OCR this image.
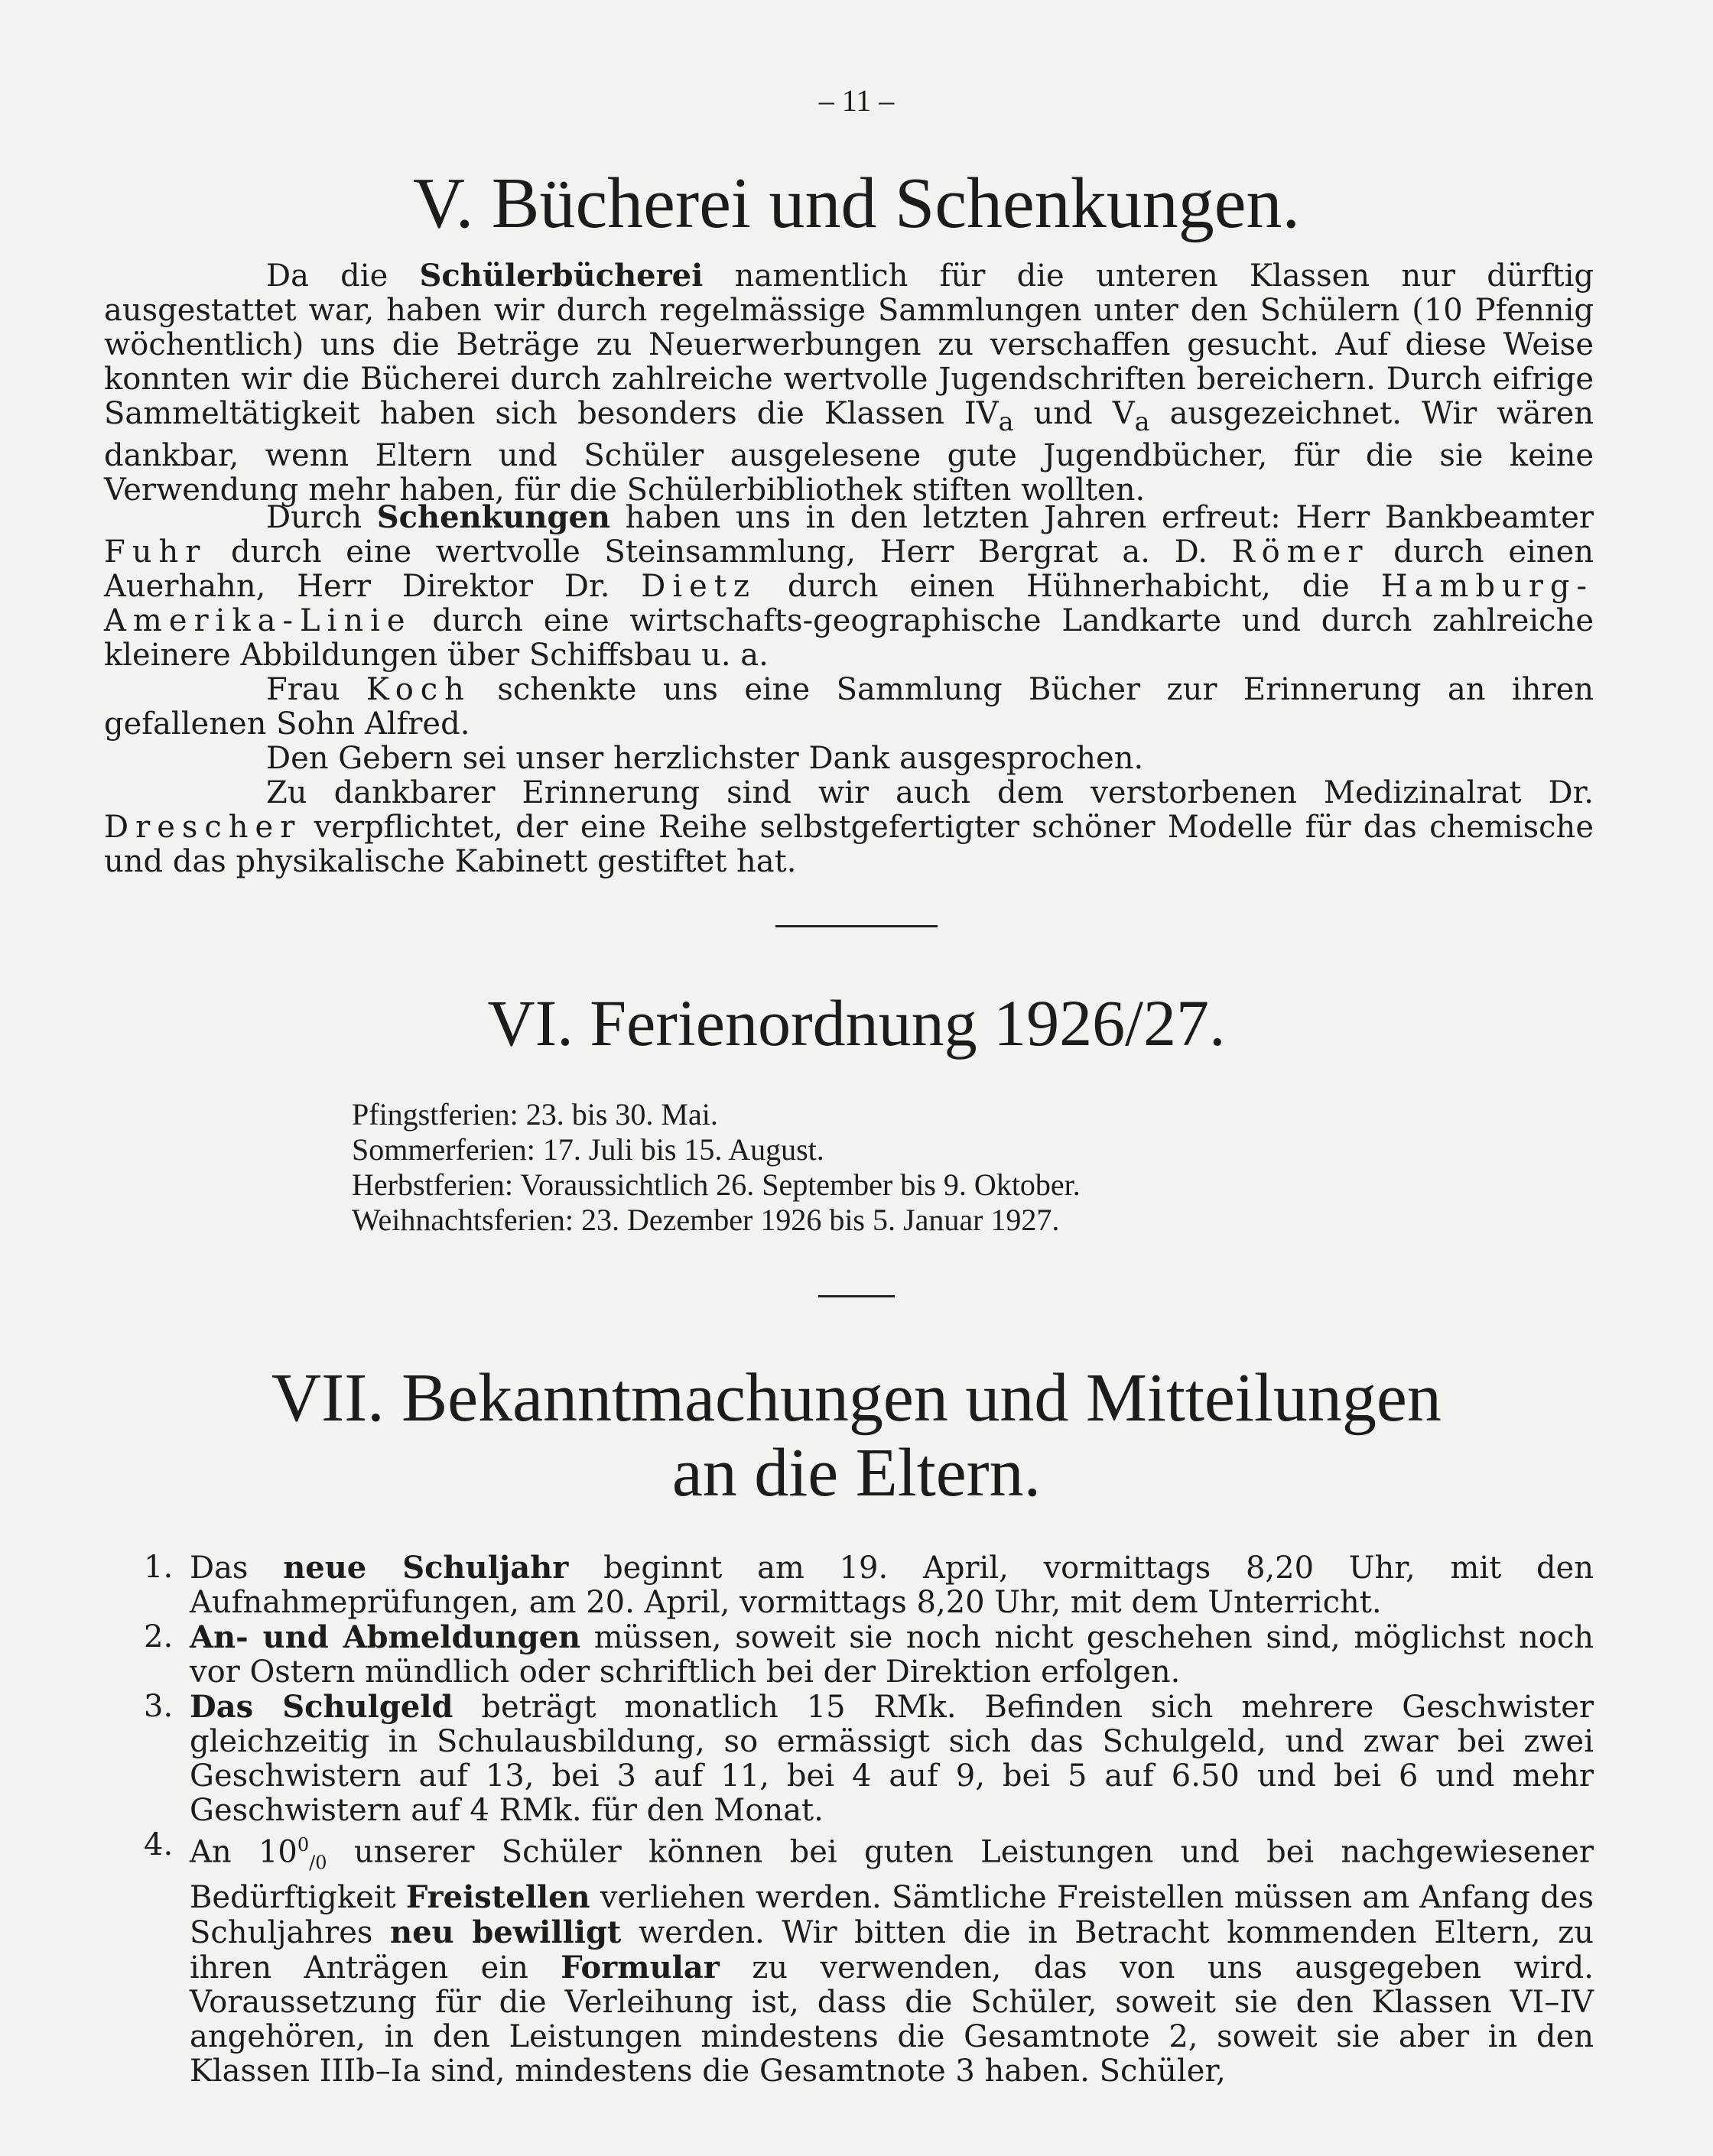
– 11 –
V. Bücherei und Schenkungen.

Da die Schülerbücherei namentlich für die unteren Klassen nur dürftig ausgestattet war, haben wir durch regelmässige Sammlungen unter den Schülern (10 Pfennig wöchentlich) uns die Beträge zu Neuerwerbungen zu verschaffen gesucht. Auf diese Weise konnten wir die Bücherei durch zahlreiche wertvolle Jugendschriften bereichern. Durch eifrige Sammeltätigkeit haben sich besonders die Klassen $IV_a$ und $V_a$ ausgezeichnet. Wir wären dankbar, wenn Eltern und Schüler ausgelesene gute Jugendbücher, für die sie keine Verwendung mehr haben, für die Schülerbibliothek stiften wollten.

Durch Schenkungen haben uns in den letzten Jahren erfreut: Herr Bankbeamter Fuhr durch eine wertvolle Steinsammlung, Herr Bergrat a. D. Römer durch einen Auerhahn, Herr Direktor Dr. Dietz durch einen Hühnerhabicht, die Hamburg-Amerika-Linie durch eine wirtschafts-geographische Landkarte und durch zahlreiche kleinere Abbildungen über Schiffsbau u. a.

Frau Koch schenkte uns eine Sammlung Bücher zur Erinnerung an ihren gefallenen Sohn Alfred.

Den Gebern sei unser herzlichster Dank ausgesprochen.

Zu dankbarer Erinnerung sind wir auch dem verstorbenen Medizinalrat Dr. Drescher verpflichtet, der eine Reihe selbstgefertigter schöner Modelle für das chemische und das physikalische Kabinett gestiftet hat.

VI. Ferienordnung 1926/27.
Pfingstferien: 23. bis 30. Mai.
Sommerferien: 17. Juli bis 15. August.
Herbstferien: Voraussichtlich 26. September bis 9. Oktober.
Weihnachtsferien: 23. Dezember 1926 bis 5. Januar 1927.
VII. Bekanntmachungen und Mitteilungen
an die Eltern.
1. Das neue Schuljahr beginnt am 19. April, vormittags 8,20 Uhr, mit den Aufnahmeprüfungen, am 20. April, vormittags 8,20 Uhr, mit dem Unterricht.
2. An- und Abmeldungen müssen, soweit sie noch nicht geschehen sind, möglichst noch vor Ostern mündlich oder schriftlich bei der Direktion erfolgen.
3. Das Schulgeld beträgt monatlich 15 RMk. Befinden sich mehrere Geschwister gleichzeitig in Schulausbildung, so ermässigt sich das Schulgeld, und zwar bei zwei Geschwistern auf 13, bei 3 auf 11, bei 4 auf 9, bei 5 auf 6.50 und bei 6 und mehr Geschwistern auf 4 RMk. für den Monat.
4. An $10^0_{/0}$ unserer Schüler können bei guten Leistungen und bei nachgewiesener Bedürftigkeit Freistellen verliehen werden. Sämtliche Freistellen müssen am Anfang des Schuljahres neu bewilligt werden. Wir bitten die in Betracht kommenden Eltern, zu ihren Anträgen ein Formular zu verwenden, das von uns ausgegeben wird. Voraussetzung für die Verleihung ist, dass die Schüler, soweit sie den Klassen VI–IV angehören, in den Leistungen mindestens die Gesamtnote 2, soweit sie aber in den Klassen IIIb–Ia sind, mindestens die Gesamtnote 3 haben. Schüler,
